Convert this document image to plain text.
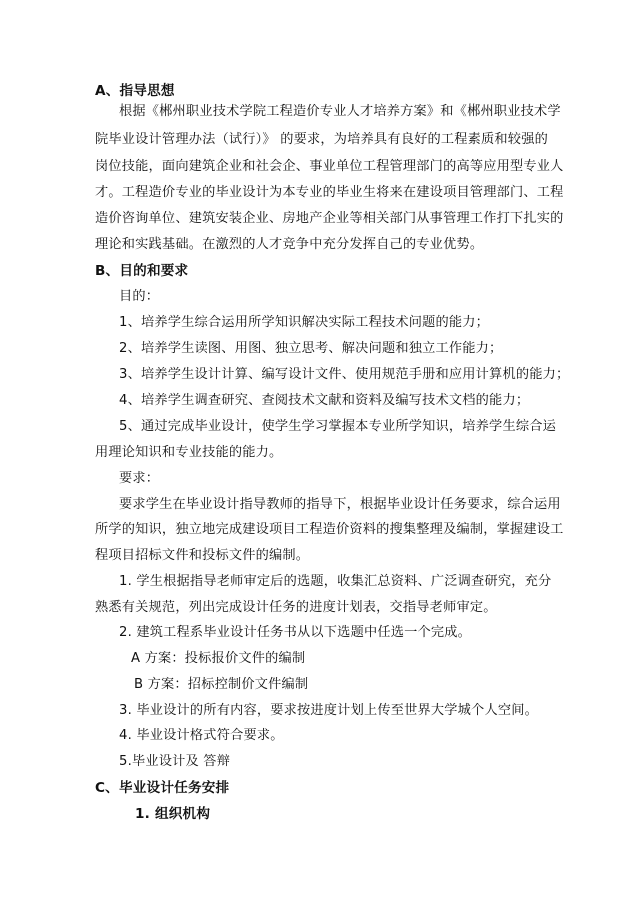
A、指导思想

根据《郴州职业技术学院工程造价专业人才培养方案》和《郴州职业技术学

院毕业设计管理办法（试行）》 的要求，为培养具有良好的工程素质和较强的

岗位技能，面向建筑企业和社会企、事业单位工程管理部门的高等应用型专业人

才。工程造价专业的毕业设计为本专业的毕业生将来在建设项目管理部门、工程

造价咨询单位、建筑安装企业、房地产企业等相关部门从事管理工作打下扎实的

理论和实践基础。在激烈的人才竞争中充分发挥自己的专业优势。

B、目的和要求

目的：

1、培养学生综合运用所学知识解决实际工程技术问题的能力；

2、培养学生读图、用图、独立思考、解决问题和独立工作能力；

3、培养学生设计计算、编写设计文件、使用规范手册和应用计算机的能力；

4、培养学生调查研究、查阅技术文献和资料及编写技术文档的能力；

5、通过完成毕业设计，使学生学习掌握本专业所学知识，培养学生综合运

用理论知识和专业技能的能力。

要求：

要求学生在毕业设计指导教师的指导下，根据毕业设计任务要求，综合运用

所学的知识，独立地完成建设项目工程造价资料的搜集整理及编制，掌握建设工

程项目招标文件和投标文件的编制。

1. 学生根据指导老师审定后的选题，收集汇总资料、广泛调查研究，充分

熟悉有关规范，列出完成设计任务的进度计划表，交指导老师审定。

2. 建筑工程系毕业设计任务书从以下选题中任选一个完成。

A 方案：投标报价文件的编制

B 方案：招标控制价文件编制

3. 毕业设计的所有内容，要求按进度计划上传至世界大学城个人空间。

4. 毕业设计格式符合要求。

5.毕业设计及 答辩

C、毕业设计任务安排

1. 组织机构
